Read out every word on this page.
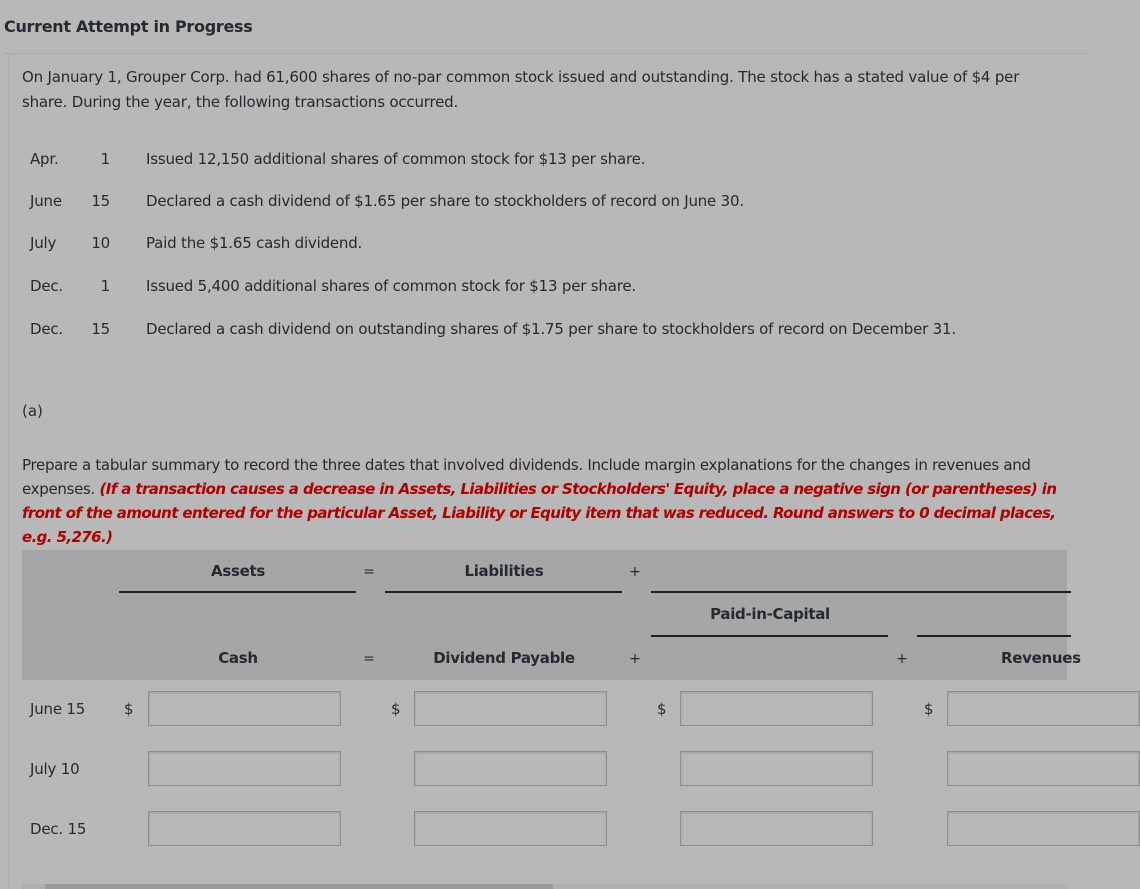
Current Attempt in Progress
On January 1, Grouper Corp. had 61,600 shares of no-par common stock issued and outstanding. The stock has a stated value of $4 per share. During the year, the following transactions occurred.
Apr.	1 Issued 12,150 additional shares of common stock for $13 per share.
June	15 Declared a cash dividend of $1.65 per share to stockholders of record on June 30.
July	10 Paid the $1.65 cash dividend.
Dec.	1 Issued 5,400 additional shares of common stock for $13 per share.
Dec.	15 Declared a cash dividend on outstanding shares of $1.75 per share to stockholders of record on December 31.
(a)
Prepare a tabular summary to record the three dates that involved dividends. Include margin explanations for the changes in revenues and expenses. (If a transaction causes a decrease in Assets, Liabilities or Stockholders' Equity, place a negative sign (or parentheses) in front of the amount entered for the particular Asset, Liability or Equity item that was reduced. Round answers to 0 decimal places, e.g. 5,276.)
Assets	=	Liabilities	+
Paid-in-Capital
Cash	=	Dividend Payable	+	+	Revenues
June 15	$	$	$	$
July 10
Dec. 15
